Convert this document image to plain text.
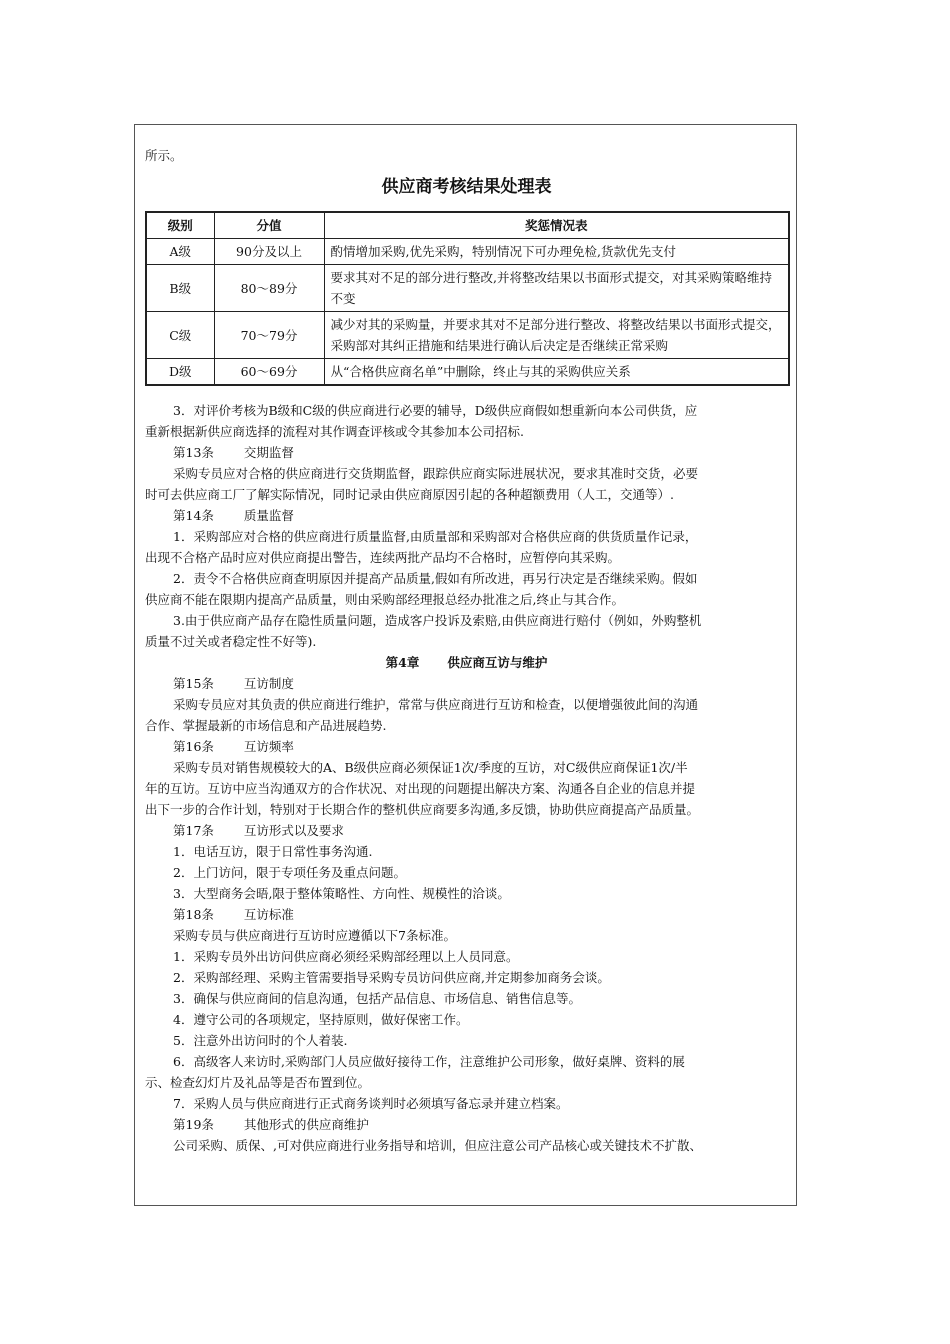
所示。
供应商考核结果处理表
级别	分值	奖惩情况表
A级	90分及以上	酌情增加采购,优先采购，特别情况下可办理免检,货款优先支付
B级	80～89分	要求其对不足的部分进行整改,并将整改结果以书面形式提交，对其采购策略维持不变
C级	70～79分	减少对其的采购量，并要求其对不足部分进行整改、将整改结果以书面形式提交，采购部对其纠正措施和结果进行确认后决定是否继续正常采购
D级	60～69分	从“合格供应商名单”中删除，终止与其的采购供应关系
3．对评价考核为B级和C级的供应商进行必要的辅导，D级供应商假如想重新向本公司供货，应
重新根据新供应商选择的流程对其作调查评核或令其参加本公司招标.
第13条 交期监督
采购专员应对合格的供应商进行交货期监督，跟踪供应商实际进展状况，要求其准时交货，必要
时可去供应商工厂了解实际情况，同时记录由供应商原因引起的各种超额费用（人工，交通等）.
第14条 质量监督
1．采购部应对合格的供应商进行质量监督,由质量部和采购部对合格供应商的供货质量作记录，
出现不合格产品时应对供应商提出警告，连续两批产品均不合格时，应暂停向其采购。
2．责令不合格供应商查明原因并提高产品质量,假如有所改进，再另行决定是否继续采购。假如
供应商不能在限期内提高产品质量，则由采购部经理报总经办批准之后,终止与其合作。
3.由于供应商产品存在隐性质量问题，造成客户投诉及索赔,由供应商进行赔付（例如，外购整机
质量不过关或者稳定性不好等).
第4章 供应商互访与维护
第15条 互访制度
采购专员应对其负责的供应商进行维护，常常与供应商进行互访和检查，以便增强彼此间的沟通
合作、掌握最新的市场信息和产品进展趋势.
第16条 互访频率
采购专员对销售规模较大的A、B级供应商必须保证1次/季度的互访，对C级供应商保证1次/半
年的互访。互访中应当沟通双方的合作状况、对出现的问题提出解决方案、沟通各自企业的信息并提
出下一步的合作计划，特别对于长期合作的整机供应商要多沟通,多反馈，协助供应商提高产品质量。
第17条 互访形式以及要求
1．电话互访，限于日常性事务沟通.
2．上门访问，限于专项任务及重点问题。
3．大型商务会晤,限于整体策略性、方向性、规模性的洽谈。
第18条 互访标准
采购专员与供应商进行互访时应遵循以下7条标准。
1．采购专员外出访问供应商必须经采购部经理以上人员同意。
2．采购部经理、采购主管需要指导采购专员访问供应商,并定期参加商务会谈。
3．确保与供应商间的信息沟通，包括产品信息、市场信息、销售信息等。
4．遵守公司的各项规定，坚持原则，做好保密工作。
5．注意外出访问时的个人着装.
6．高级客人来访时,采购部门人员应做好接待工作，注意维护公司形象，做好桌牌、资料的展
示、检查幻灯片及礼品等是否布置到位。
7．采购人员与供应商进行正式商务谈判时必须填写备忘录并建立档案。
第19条 其他形式的供应商维护
公司采购、质保、,可对供应商进行业务指导和培训，但应注意公司产品核心或关键技术不扩散、
